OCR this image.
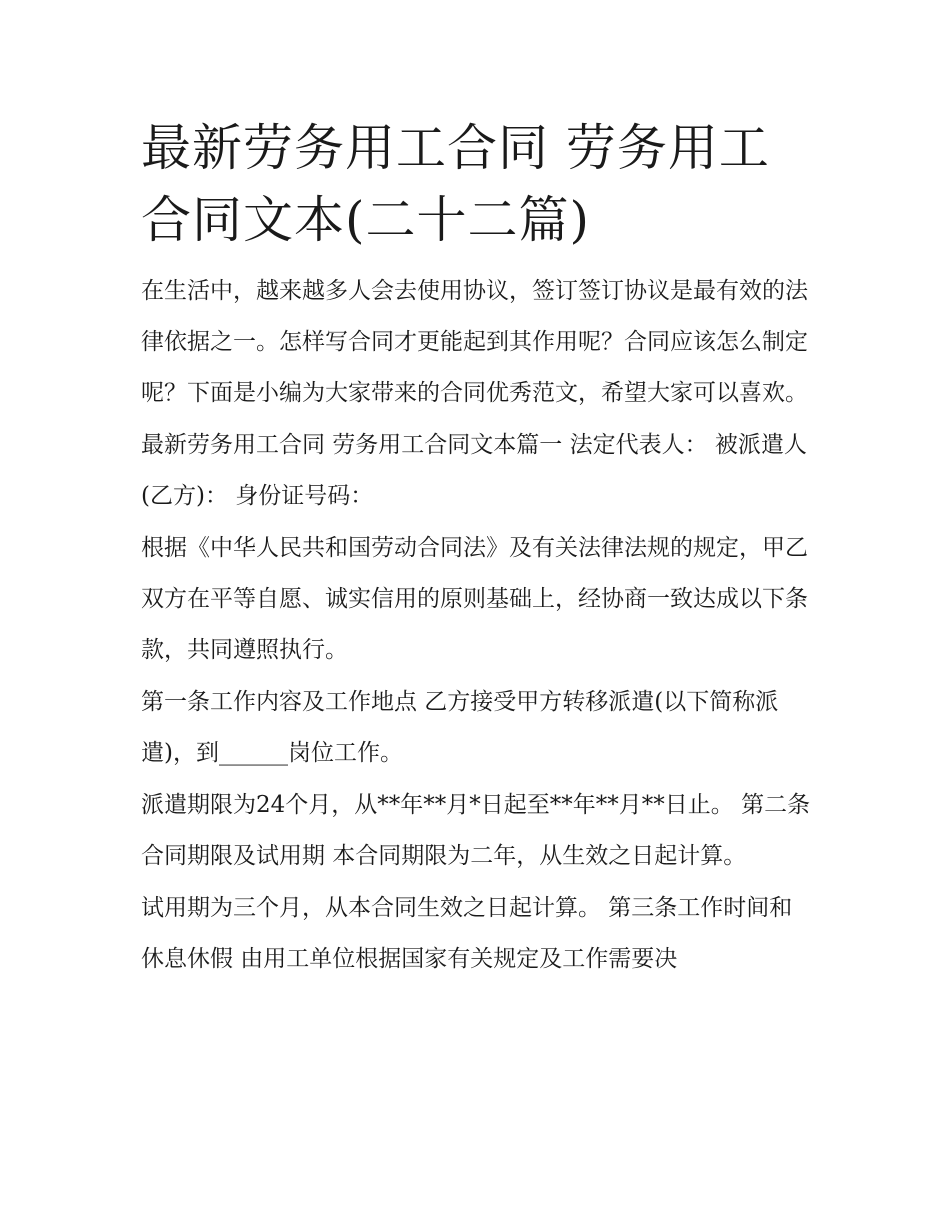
最新劳务用工合同 劳务用工合同文本(二十二篇)

在生活中，越来越多人会去使用协议，签订签订协议是最有效的法律依据之一。怎样写合同才更能起到其作用呢？合同应该怎么制定呢？下面是小编为大家带来的合同优秀范文，希望大家可以喜欢。

最新劳务用工合同 劳务用工合同文本篇一 法定代表人： 被派遣人(乙方)： 身份证号码：

根据《中华人民共和国劳动合同法》及有关法律法规的规定，甲乙双方在平等自愿、诚实信用的原则基础上，经协商一致达成以下条款，共同遵照执行。

第一条工作内容及工作地点 乙方接受甲方转移派遣(以下简称派遣)，到______岗位工作。

派遣期限为24个月，从**年**月*日起至**年**月**日止。 第二条合同期限及试用期 本合同期限为二年，从生效之日起计算。

试用期为三个月，从本合同生效之日起计算。 第三条工作时间和休息休假 由用工单位根据国家有关规定及工作需要决
